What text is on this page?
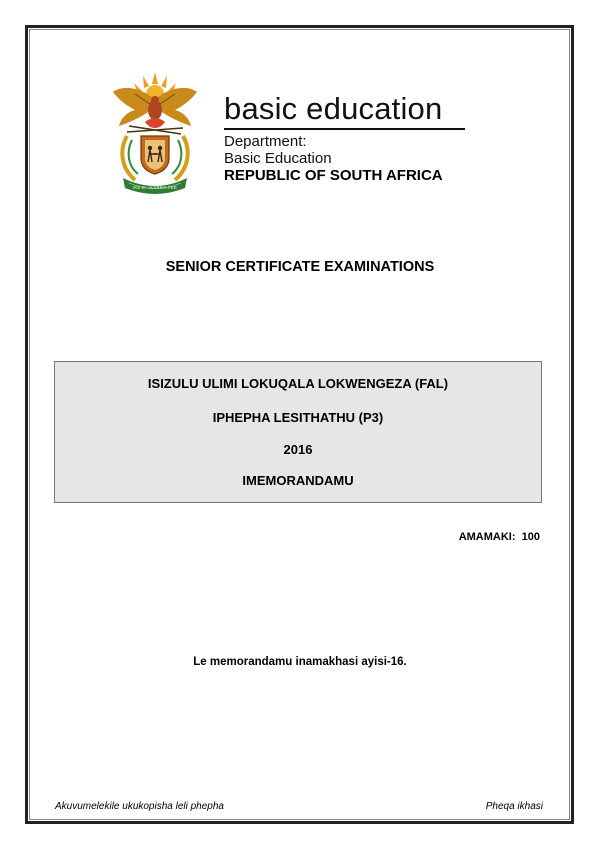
!KE E: /XARRA //KE
basic education
Department:
Basic Education
REPUBLIC OF SOUTH AFRICA
SENIOR CERTIFICATE EXAMINATIONS
ISIZULU ULIMI LOKUQALA LOKWENGEZA (FAL)
IPHEPHA LESITHATHU (P3)
2016
IMEMORANDAMU
AMAMAKI: 100
Le memorandamu inamakhasi ayisi-16.
Akuvumelekile ukukopisha leli phepha	Pheqa ikhasi
